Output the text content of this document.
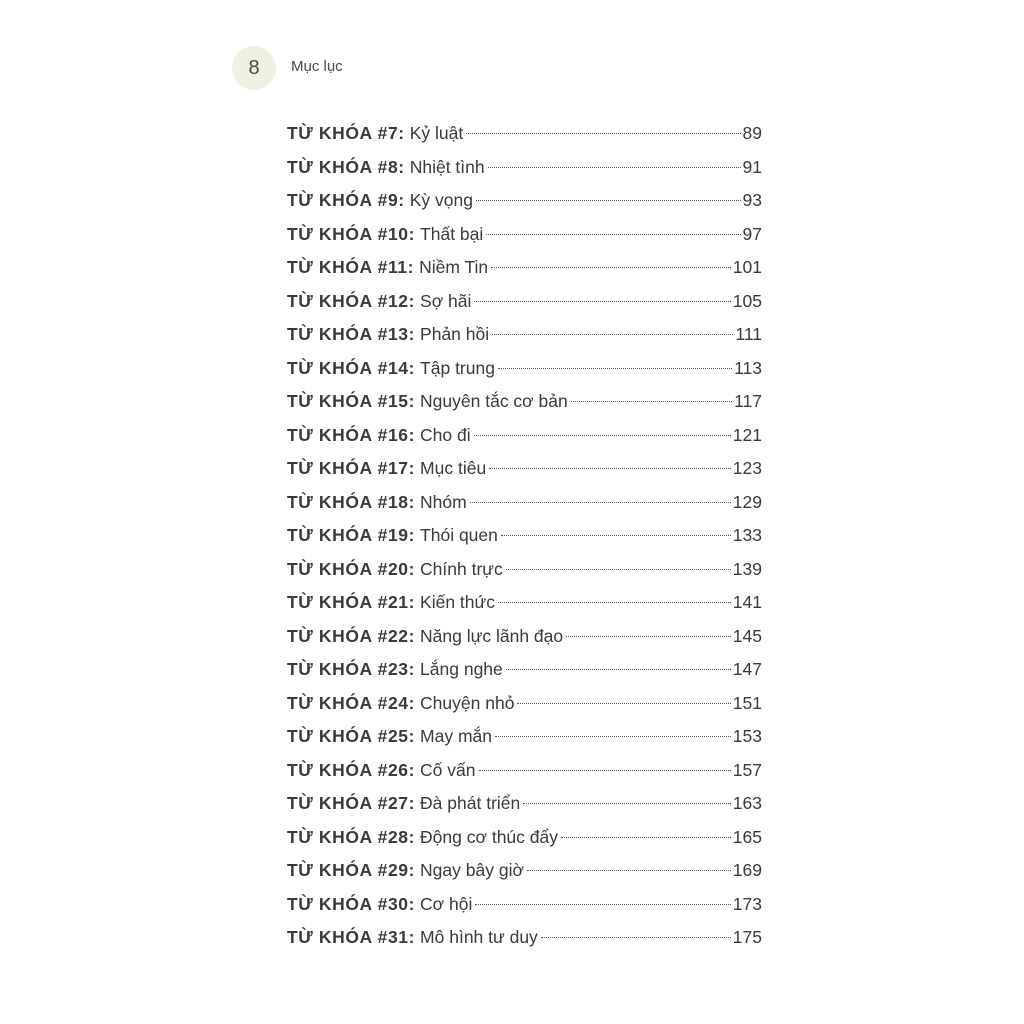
8	Mục lục
TỪ KHÓA #7: Kỷ luật	89
TỪ KHÓA #8: Nhiệt tình	91
TỪ KHÓA #9: Kỳ vọng	93
TỪ KHÓA #10: Thất bại	97
TỪ KHÓA #11: Niềm Tin	101
TỪ KHÓA #12: Sợ hãi	105
TỪ KHÓA #13: Phản hồi	111
TỪ KHÓA #14: Tập trung	113
TỪ KHÓA #15: Nguyên tắc cơ bản	117
TỪ KHÓA #16: Cho đi	121
TỪ KHÓA #17: Mục tiêu	123
TỪ KHÓA #18: Nhóm	129
TỪ KHÓA #19: Thói quen	133
TỪ KHÓA #20: Chính trực	139
TỪ KHÓA #21: Kiến thức	141
TỪ KHÓA #22: Năng lực lãnh đạo	145
TỪ KHÓA #23: Lắng nghe	147
TỪ KHÓA #24: Chuyện nhỏ	151
TỪ KHÓA #25: May mắn	153
TỪ KHÓA #26: Cố vấn	157
TỪ KHÓA #27: Đà phát triển	163
TỪ KHÓA #28: Động cơ thúc đẩy	165
TỪ KHÓA #29: Ngay bây giờ	169
TỪ KHÓA #30: Cơ hội	173
TỪ KHÓA #31: Mô hình tư duy	175
